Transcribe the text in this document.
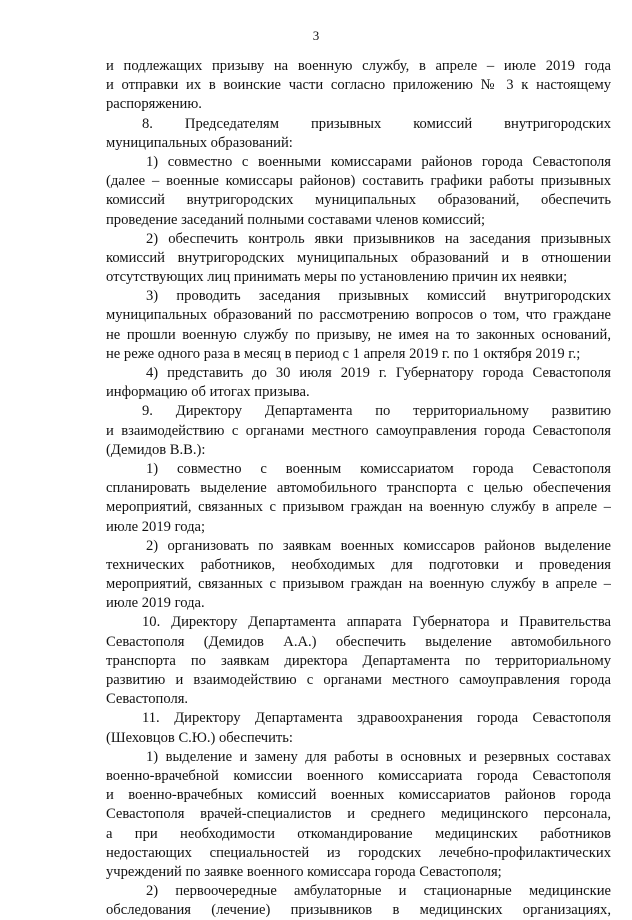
3
и подлежащих призыву на военную службу, в апреле – июле 2019 года
и отправки их в воинские части согласно приложению № 3 к настоящему
распоряжению.
8. Председателям призывных комиссий внутригородских
муниципальных образований:
1) совместно с военными комиссарами районов города Севастополя
(далее – военные комиссары районов) составить графики работы призывных
комиссий внутригородских муниципальных образований, обеспечить
проведение заседаний полными составами членов комиссий;
2) обеспечить контроль явки призывников на заседания призывных
комиссий внутригородских муниципальных образований и в отношении
отсутствующих лиц принимать меры по установлению причин их неявки;
3) проводить заседания призывных комиссий внутригородских
муниципальных образований по рассмотрению вопросов о том, что граждане
не прошли военную службу по призыву, не имея на то законных оснований,
не реже одного раза в месяц в период с 1 апреля 2019 г. по 1 октября 2019 г.;
4) представить до 30 июля 2019 г. Губернатору города Севастополя
информацию об итогах призыва.
9. Директору Департамента по территориальному развитию
и взаимодействию с органами местного самоуправления города Севастополя
(Демидов В.В.):
1) совместно с военным комиссариатом города Севастополя
спланировать выделение автомобильного транспорта с целью обеспечения
мероприятий, связанных с призывом граждан на военную службу в апреле –
июле 2019 года;
2) организовать по заявкам военных комиссаров районов выделение
технических работников, необходимых для подготовки и проведения
мероприятий, связанных с призывом граждан на военную службу в апреле –
июле 2019 года.
10. Директору Департамента аппарата Губернатора и Правительства
Севастополя (Демидов А.А.) обеспечить выделение автомобильного
транспорта по заявкам директора Департамента по территориальному
развитию и взаимодействию с органами местного самоуправления города
Севастополя.
11. Директору Департамента здравоохранения города Севастополя
(Шеховцов С.Ю.) обеспечить:
1) выделение и замену для работы в основных и резервных составах
военно-врачебной комиссии военного комиссариата города Севастополя
и военно-врачебных комиссий военных комиссариатов районов города
Севастополя врачей-специалистов и среднего медицинского персонала,
а при необходимости откомандирование медицинских работников
недостающих специальностей из городских лечебно-профилактических
учреждений по заявке военного комиссара города Севастополя;
2) первоочередные амбулаторные и стационарные медицинские
обследования (лечение) призывников в медицинских организациях,
